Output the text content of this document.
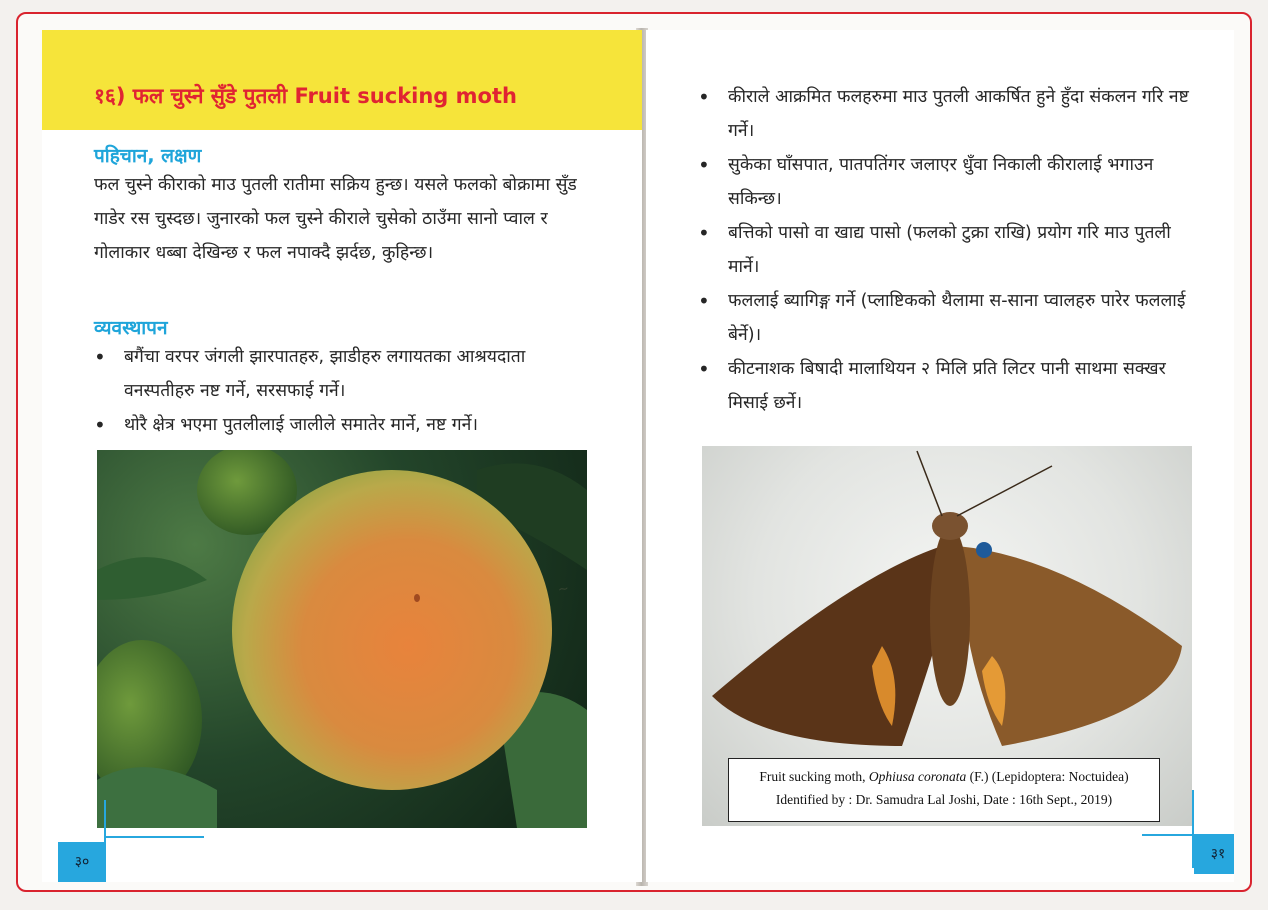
१६) फल चुस्ने सुँडे पुतली Fruit sucking moth
पहिचान, लक्षण
फल चुस्ने कीराको माउ पुतली रातीमा सक्रिय हुन्छ। यसले फलको बोक्रामा सुँड गाडेर रस चुस्दछ। जुनारको फल चुस्ने कीराले चुसेको ठाउँमा सानो प्वाल र गोलाकार धब्बा देखिन्छ र फल नपाक्दै झर्दछ, कुहिन्छ।
व्यवस्थापन
• बगैंचा वरपर जंगली झारपातहरु, झाडीहरु लगायतका आश्रयदाता वनस्पतीहरु नष्ट गर्ने, सरसफाई गर्ने।
• थोरै क्षेत्र भएमा पुतलीलाई जालीले समातेर मार्ने, नष्ट गर्ने।
३०
• कीराले आक्रमित फलहरुमा माउ पुतली आकर्षित हुने हुँदा संकलन गरि नष्ट गर्ने।
• सुकेका घाँसपात, पातपतिंगर जलाएर धुँवा निकाली कीरालाई भगाउन सकिन्छ।
• बत्तिको पासो वा खाद्य पासो (फलको टुक्रा राखि) प्रयोग गरि माउ पुतली मार्ने।
• फललाई ब्यागिङ्ग गर्ने (प्लाष्टिकको थैलामा स-साना प्वालहरु पारेर फललाई बेर्ने)।
• कीटनाशक बिषादी मालाथियन २ मिलि प्रति लिटर पानी साथमा सक्खर मिसाई छर्ने।
Fruit sucking moth, Ophiusa coronata (F.) (Lepidoptera: Noctuidea)
Identified by : Dr. Samudra Lal Joshi, Date : 16th Sept., 2019)
३१
~
